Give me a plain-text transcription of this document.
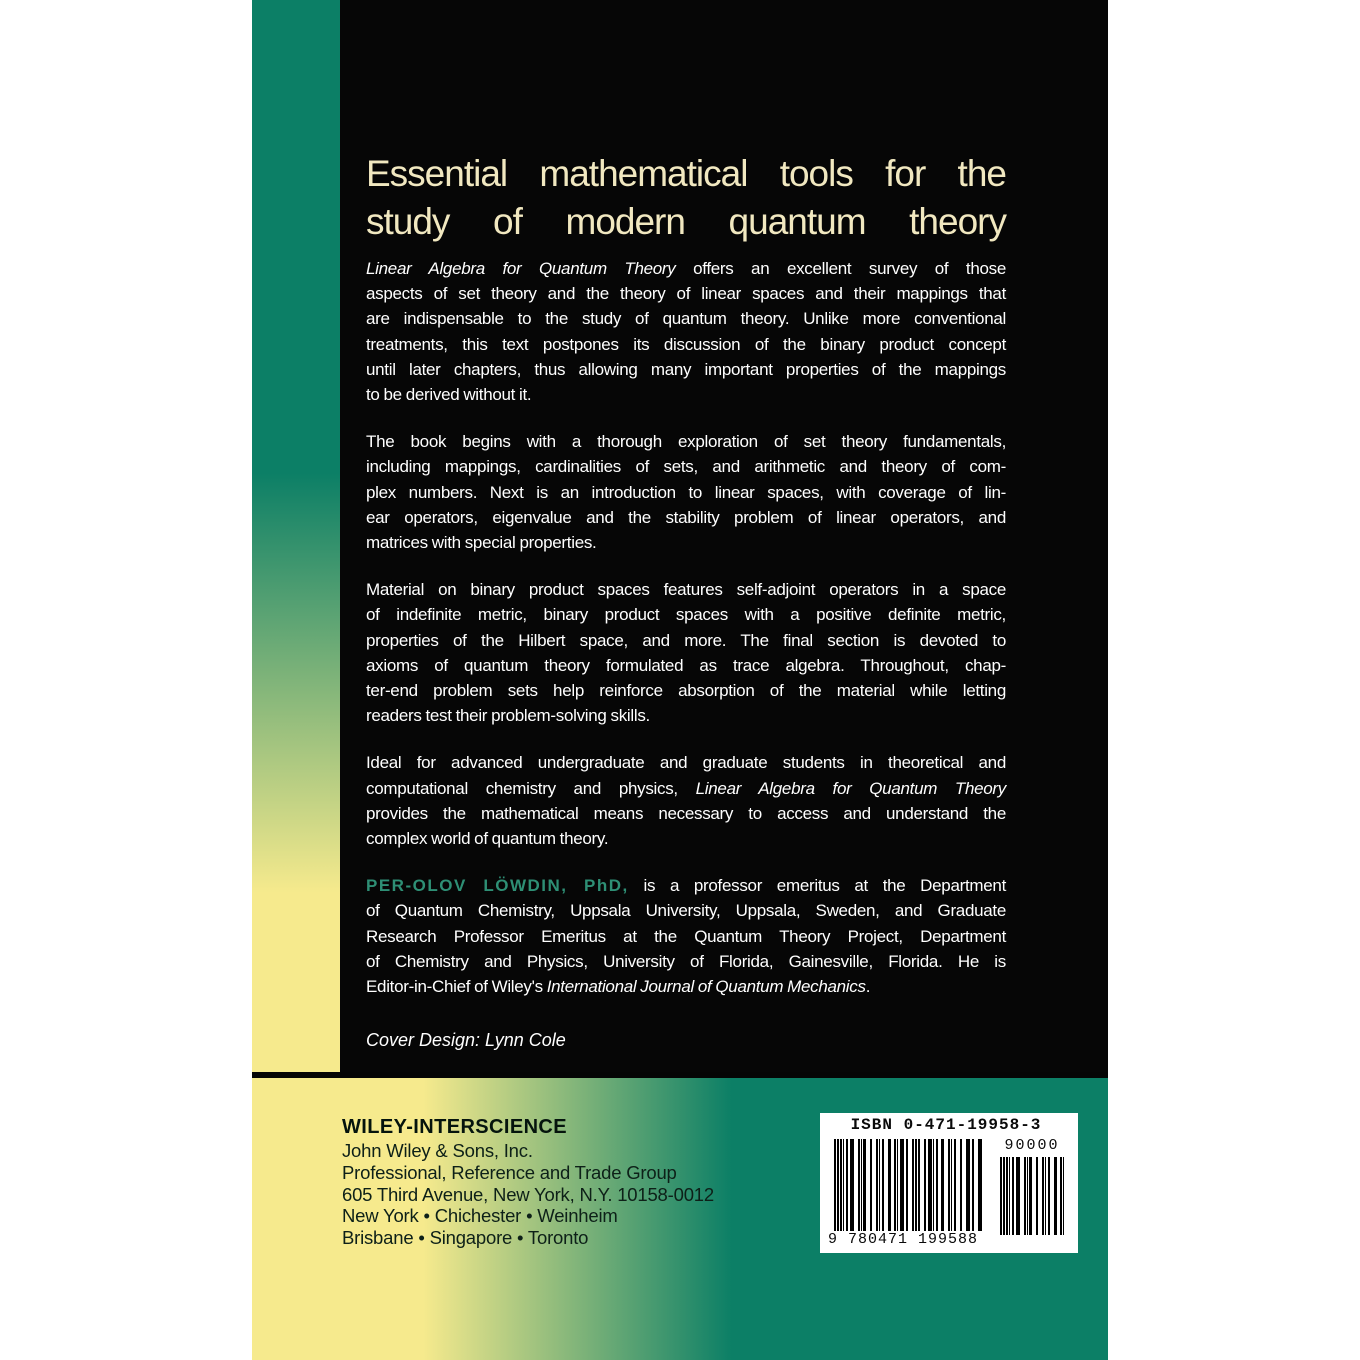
Essential mathematical tools for the
study of modern quantum theory
Linear Algebra for Quantum Theory offers an excellent survey of those
aspects of set theory and the theory of linear spaces and their mappings that
are indispensable to the study of quantum theory. Unlike more conventional
treatments, this text postpones its discussion of the binary product concept
until later chapters, thus allowing many important properties of the mappings
to be derived without it.
The book begins with a thorough exploration of set theory fundamentals,
including mappings, cardinalities of sets, and arithmetic and theory of com-
plex numbers. Next is an introduction to linear spaces, with coverage of lin-
ear operators, eigenvalue and the stability problem of linear operators, and
matrices with special properties.
Material on binary product spaces features self-adjoint operators in a space
of indefinite metric, binary product spaces with a positive definite metric,
properties of the Hilbert space, and more. The final section is devoted to
axioms of quantum theory formulated as trace algebra. Throughout, chap-
ter-end problem sets help reinforce absorption of the material while letting
readers test their problem-solving skills.
Ideal for advanced undergraduate and graduate students in theoretical and
computational chemistry and physics, Linear Algebra for Quantum Theory
provides the mathematical means necessary to access and understand the
complex world of quantum theory.
PER-OLOV LÖWDIN, PhD, is a professor emeritus at the Department
of Quantum Chemistry, Uppsala University, Uppsala, Sweden, and Graduate
Research Professor Emeritus at the Quantum Theory Project, Department
of Chemistry and Physics, University of Florida, Gainesville, Florida. He is
Editor-in-Chief of Wiley's International Journal of Quantum Mechanics.
Cover Design: Lynn Cole
WILEY-INTERSCIENCE
John Wiley & Sons, Inc.
Professional, Reference and Trade Group
605 Third Avenue, New York, N.Y. 10158-0012
New York • Chichester • Weinheim
Brisbane • Singapore • Toronto
ISBN 0-471-19958-3
90000
9 780471 199588
